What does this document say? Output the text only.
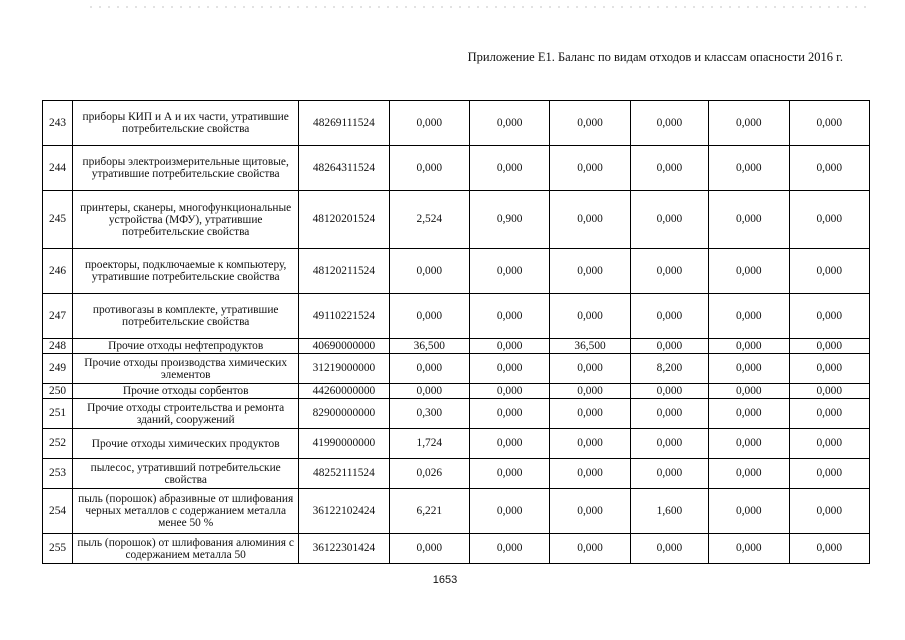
Приложение Е1. Баланс по видам отходов и классам опасности 2016 г.
243	приборы КИП и А и их части, утратившие потребительские свойства	48269111524	0,000	0,000	0,000	0,000	0,000	0,000
244	приборы электроизмерительные щитовые, утратившие потребительские свойства	48264311524	0,000	0,000	0,000	0,000	0,000	0,000
245	принтеры, сканеры, многофункциональные устройства (МФУ), утратившие потребительские свойства	48120201524	2,524	0,900	0,000	0,000	0,000	0,000
246	проекторы, подключаемые к компьютеру, утратившие потребительские свойства	48120211524	0,000	0,000	0,000	0,000	0,000	0,000
247	противогазы в комплекте, утратившие потребительские свойства	49110221524	0,000	0,000	0,000	0,000	0,000	0,000
248	Прочие отходы нефтепродуктов	40690000000	36,500	0,000	36,500	0,000	0,000	0,000
249	Прочие отходы производства химических элементов	31219000000	0,000	0,000	0,000	8,200	0,000	0,000
250	Прочие отходы сорбентов	44260000000	0,000	0,000	0,000	0,000	0,000	0,000
251	Прочие отходы строительства и ремонта зданий, сооружений	82900000000	0,300	0,000	0,000	0,000	0,000	0,000
252	Прочие отходы химических продуктов	41990000000	1,724	0,000	0,000	0,000	0,000	0,000
253	пылесос, утративший потребительские свойства	48252111524	0,026	0,000	0,000	0,000	0,000	0,000
254	пыль (порошок) абразивные от шлифования черных металлов с содержанием металла менее 50 %	36122102424	6,221	0,000	0,000	1,600	0,000	0,000
255	пыль (порошок) от шлифования алюминия с содержанием металла 50	36122301424	0,000	0,000	0,000	0,000	0,000	0,000
1653
